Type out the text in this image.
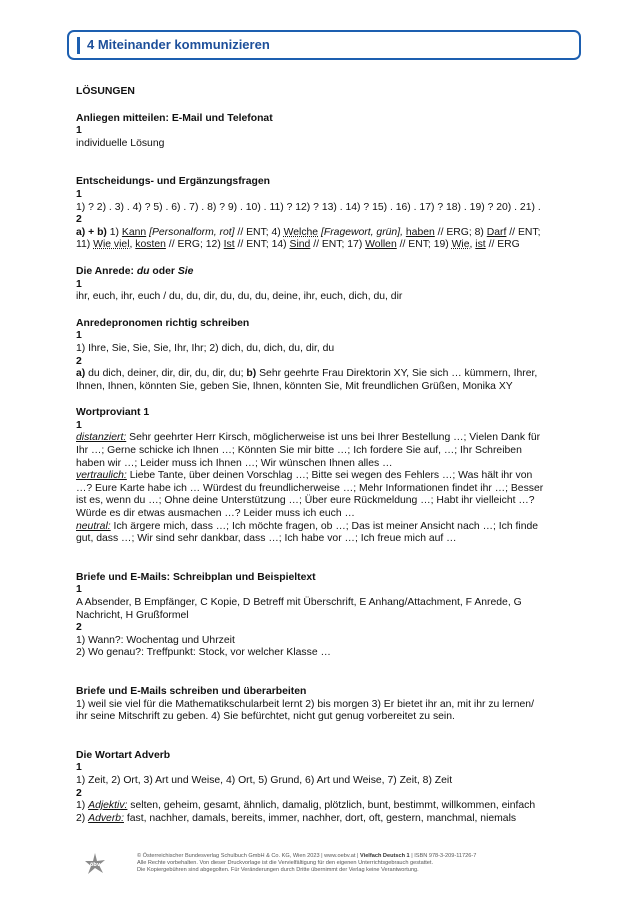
4 Miteinander kommunizieren

LÖSUNGEN

Anliegen mitteilen: E-Mail und Telefonat

1

individuelle Lösung

Entscheidungs- und Ergänzungsfragen

1

1) ? 2) . 3) . 4) ? 5) . 6) . 7) . 8) ? 9) . 10) . 11) ? 12) ? 13) . 14) ? 15) . 16) . 17) ? 18) . 19) ? 20) . 21) .

2

a) + b) 1) Kann [Personalform, rot] // ENT; 4) Welche [Fragewort, grün], haben // ERG; 8) Darf // ENT;
11) Wie viel, kosten // ERG; 12) Ist // ENT; 14) Sind // ENT; 17) Wollen // ENT; 19) Wie, ist // ERG

Die Anrede: du oder Sie

1

ihr, euch, ihr, euch / du, du, dir, du, du, du, deine, ihr, euch, dich, du, dir

Anredepronomen richtig schreiben

1

1) Ihre, Sie, Sie, Sie, Ihr, Ihr; 2) dich, du, dich, du, dir, du

2

a) du dich, deiner, dir, dir, du, dir, du; b) Sehr geehrte Frau Direktorin XY, Sie sich … kümmern, Ihrer,

Ihnen, Ihnen, könnten Sie, geben Sie, Ihnen, könnten Sie, Mit freundlichen Grüßen, Monika XY

Wortproviant 1

1

distanziert: Sehr geehrter Herr Kirsch, möglicherweise ist uns bei Ihrer Bestellung …; Vielen Dank für

Ihr …; Gerne schicke ich Ihnen …; Könnten Sie mir bitte …; Ich fordere Sie auf, …; Ihr Schreiben

haben wir …; Leider muss ich Ihnen …; Wir wünschen Ihnen alles …

vertraulich: Liebe Tante, über deinen Vorschlag …; Bitte sei wegen des Fehlers …; Was hält ihr von

…? Eure Karte habe ich … Würdest du freundlicherweise …; Mehr Informationen findet ihr …; Besser

ist es, wenn du …; Ohne deine Unterstützung …; Über eure Rückmeldung …; Habt ihr vielleicht …?

Würde es dir etwas ausmachen …? Leider muss ich euch …

neutral: Ich ärgere mich, dass …; Ich möchte fragen, ob …; Das ist meiner Ansicht nach …; Ich finde

gut, dass …; Wir sind sehr dankbar, dass …; Ich habe vor …; Ich freue mich auf …

Briefe und E-Mails: Schreibplan und Beispieltext

1

A Absender, B Empfänger, C Kopie, D Betreff mit Überschrift, E Anhang/Attachment, F Anrede, G

Nachricht, H Grußformel

2

1) Wann?: Wochentag und Uhrzeit

2) Wo genau?: Treffpunkt: Stock, vor welcher Klasse …

Briefe und E-Mails schreiben und überarbeiten

1) weil sie viel für die Mathematikschularbeit lernt 2) bis morgen 3) Er bietet ihr an, mit ihr zu lernen/

ihr seine Mitschrift zu geben. 4) Sie befürchtet, nicht gut genug vorbereitet zu sein.

Die Wortart Adverb

1

1) Zeit, 2) Ort, 3) Art und Weise, 4) Ort, 5) Grund, 6) Art und Weise, 7) Zeit, 8) Zeit

2

1) Adjektiv: selten, geheim, gesamt, ähnlich, damalig, plötzlich, bunt, bestimmt, willkommen, einfach

2) Adverb: fast, nachher, damals, bereits, immer, nachher, dort, oft, gestern, manchmal, niemals

öbv

© Österreichischer Bundesverlag Schulbuch GmbH & Co. KG, Wien 2023 | www.oebv.at | Vielfach Deutsch 1 | ISBN 978-3-209-11726-7

Alle Rechte vorbehalten. Von dieser Druckvorlage ist die Vervielfältigung für den eigenen Unterrichtsgebrauch gestattet.

Die Kopiergebühren sind abgegolten. Für Veränderungen durch Dritte übernimmt der Verlag keine Verantwortung.
